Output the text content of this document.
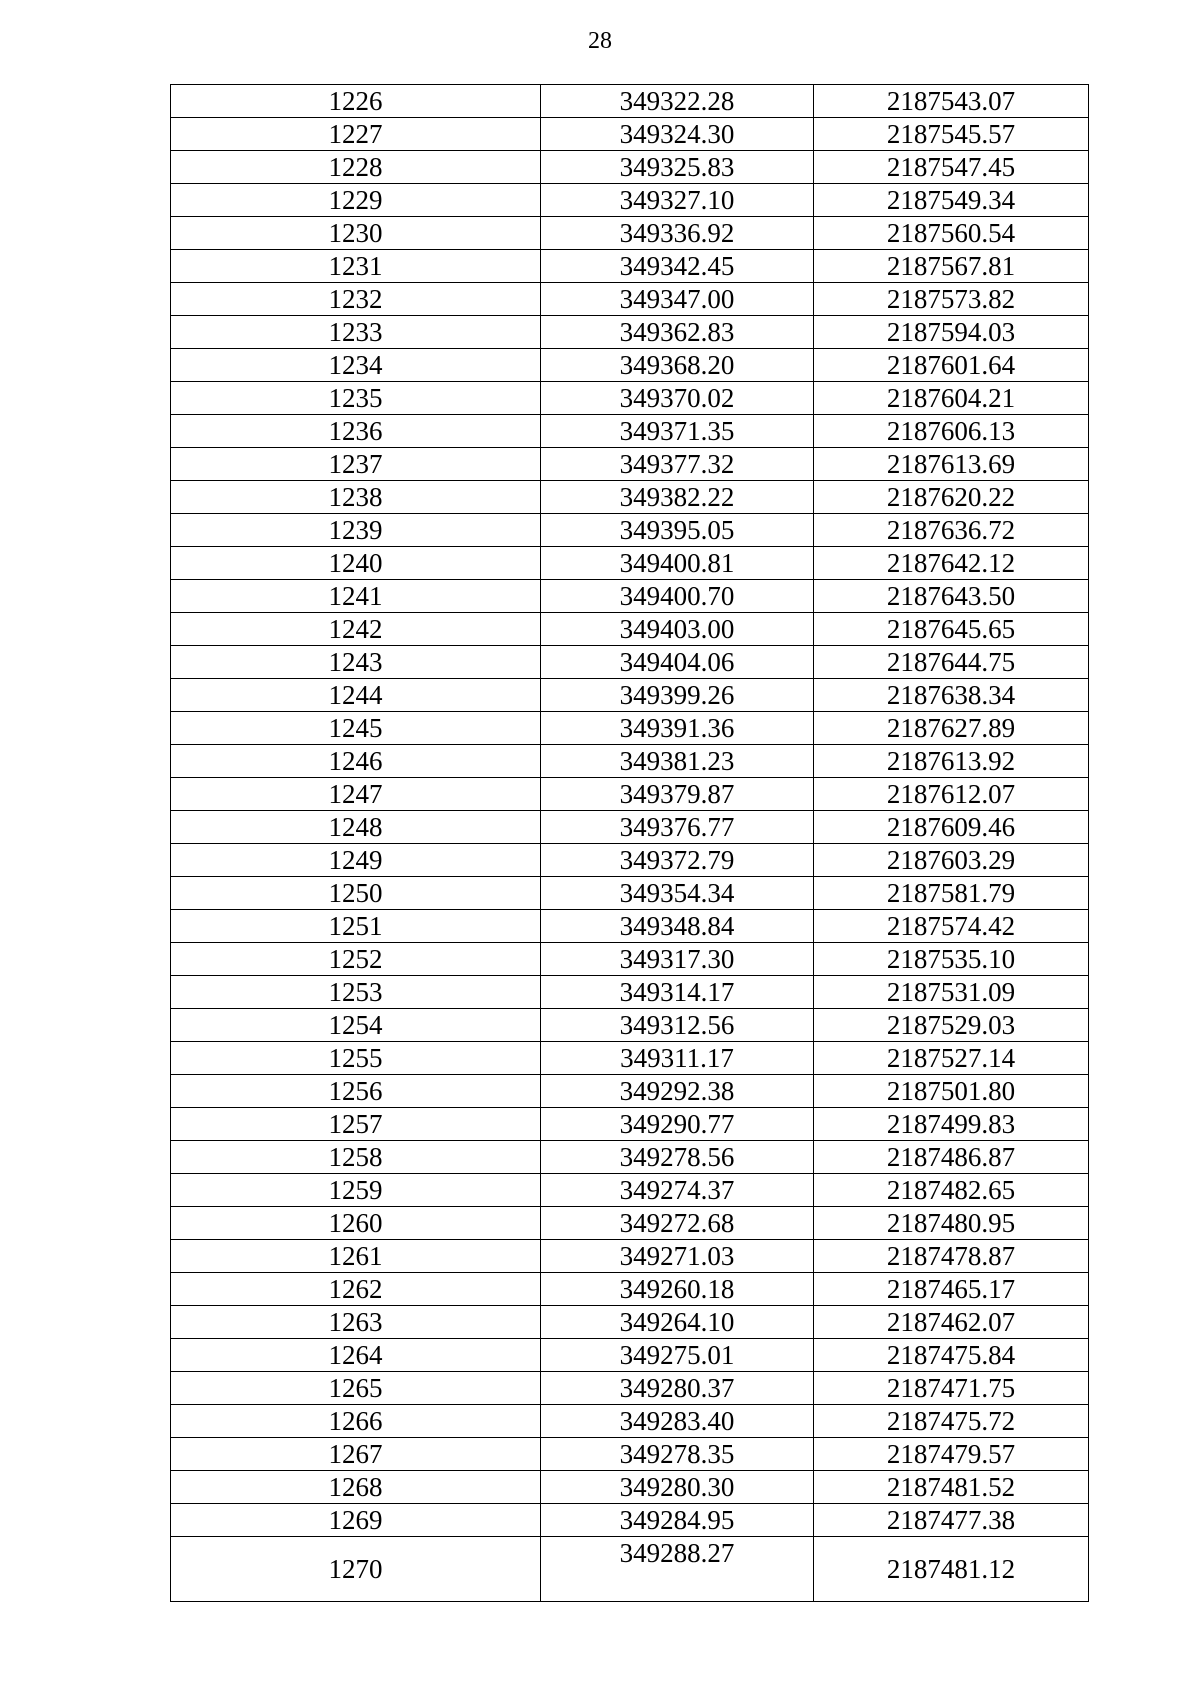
28
1226	349322.28	2187543.07
1227	349324.30	2187545.57
1228	349325.83	2187547.45
1229	349327.10	2187549.34
1230	349336.92	2187560.54
1231	349342.45	2187567.81
1232	349347.00	2187573.82
1233	349362.83	2187594.03
1234	349368.20	2187601.64
1235	349370.02	2187604.21
1236	349371.35	2187606.13
1237	349377.32	2187613.69
1238	349382.22	2187620.22
1239	349395.05	2187636.72
1240	349400.81	2187642.12
1241	349400.70	2187643.50
1242	349403.00	2187645.65
1243	349404.06	2187644.75
1244	349399.26	2187638.34
1245	349391.36	2187627.89
1246	349381.23	2187613.92
1247	349379.87	2187612.07
1248	349376.77	2187609.46
1249	349372.79	2187603.29
1250	349354.34	2187581.79
1251	349348.84	2187574.42
1252	349317.30	2187535.10
1253	349314.17	2187531.09
1254	349312.56	2187529.03
1255	349311.17	2187527.14
1256	349292.38	2187501.80
1257	349290.77	2187499.83
1258	349278.56	2187486.87
1259	349274.37	2187482.65
1260	349272.68	2187480.95
1261	349271.03	2187478.87
1262	349260.18	2187465.17
1263	349264.10	2187462.07
1264	349275.01	2187475.84
1265	349280.37	2187471.75
1266	349283.40	2187475.72
1267	349278.35	2187479.57
1268	349280.30	2187481.52
1269	349284.95	2187477.38
1270	349288.27	2187481.12
